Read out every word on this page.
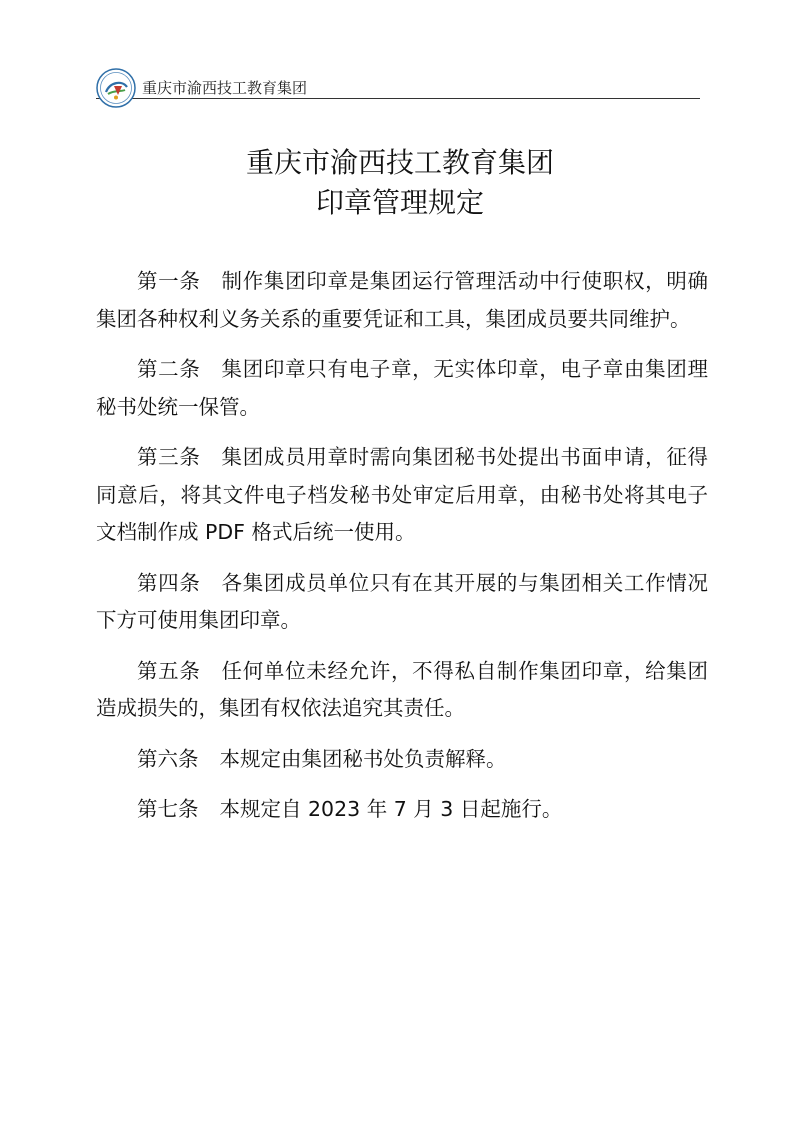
重庆市渝西技工教育集团
重庆市渝西技工教育集团
印章管理规定

第一条 制作集团印章是集团运行管理活动中行使职权，明确集团各种权利义务关系的重要凭证和工具，集团成员要共同维护。

第二条 集团印章只有电子章，无实体印章，电子章由集团理秘书处统一保管。

第三条 集团成员用章时需向集团秘书处提出书面申请，征得同意后，将其文件电子档发秘书处审定后用章，由秘书处将其电子文档制作成 PDF 格式后统一使用。

第四条 各集团成员单位只有在其开展的与集团相关工作情况下方可使用集团印章。

第五条 任何单位未经允许，不得私自制作集团印章，给集团造成损失的，集团有权依法追究其责任。

第六条 本规定由集团秘书处负责解释。

第七条 本规定自 2023 年 7 月 3 日起施行。
